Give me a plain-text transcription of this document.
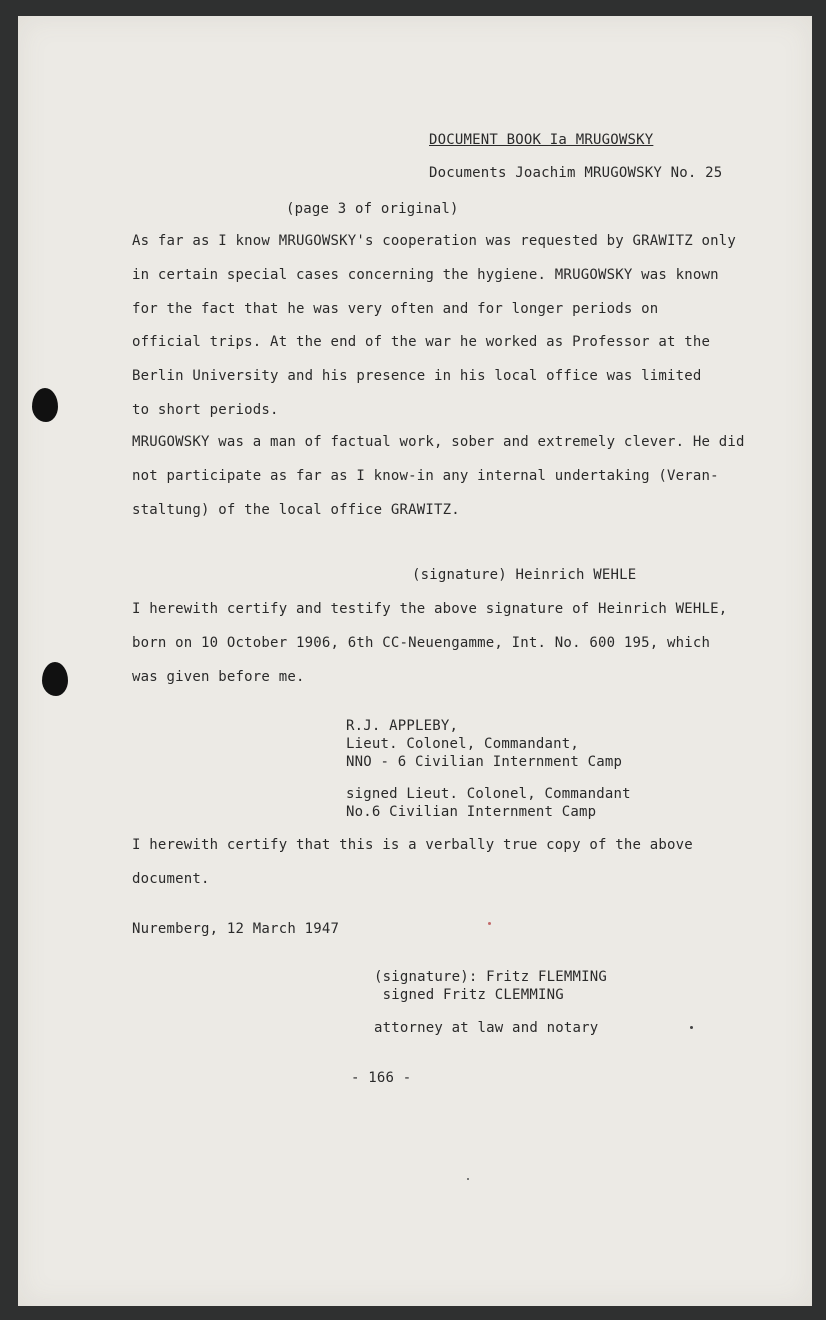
DOCUMENT BOOK Ia MRUGOWSKY
Documents Joachim MRUGOWSKY No. 25
(page 3 of original)
As far as I know MRUGOWSKY's cooperation was requested by GRAWITZ only
in certain special cases concerning the hygiene. MRUGOWSKY was known
for the fact that he was very often and for longer periods on
official trips. At the end of the war he worked as Professor at the
Berlin University and his presence in his local office was limited
to short periods.
MRUGOWSKY was a man of factual work, sober and extremely clever. He did
not participate as far as I know-in any internal undertaking (Veran-
staltung) of the local office GRAWITZ.
(signature) Heinrich WEHLE
I herewith certify and testify the above signature of Heinrich WEHLE,
born on 10 October 1906, 6th CC-Neuengamme, Int. No. 600 195, which
was given before me.
R.J. APPLEBY,
Lieut. Colonel, Commandant,
NNO - 6 Civilian Internment Camp
signed Lieut. Colonel, Commandant
No.6 Civilian Internment Camp
I herewith certify that this is a verbally true copy of the above
document.
Nuremberg, 12 March 1947
(signature): Fritz FLEMMING
signed Fritz CLEMMING
attorney at law and notary
- 166 -
